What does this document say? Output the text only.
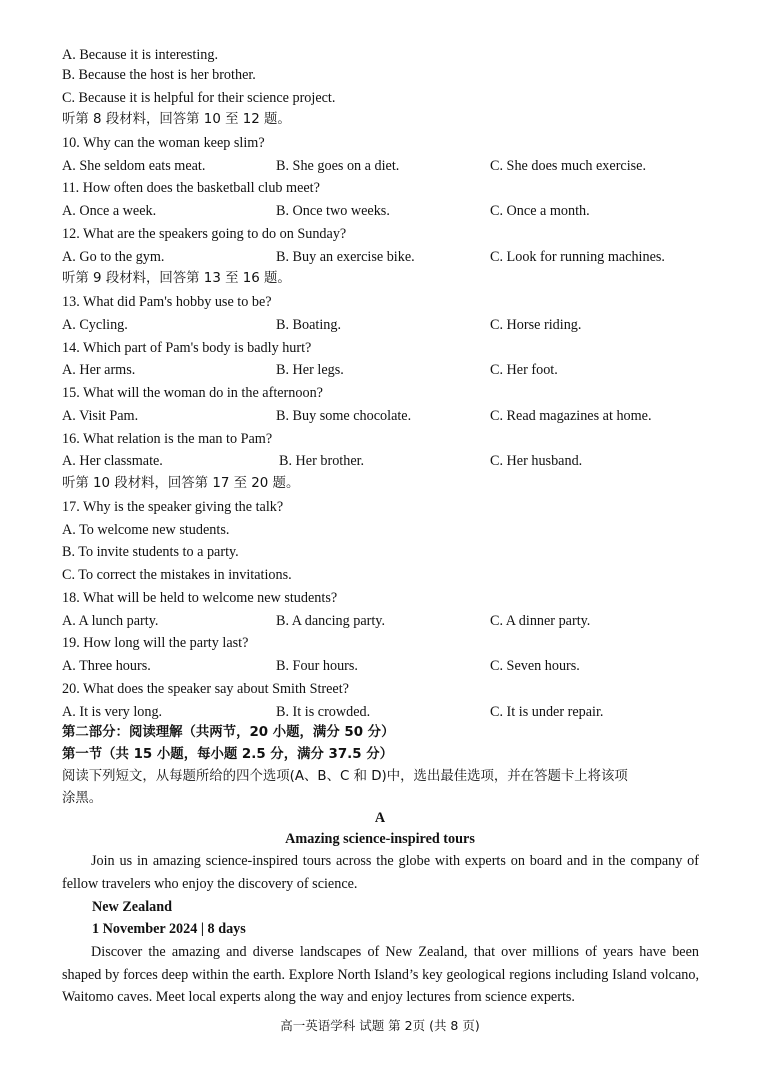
A. Because it is interesting.
B. Because the host is her brother.
C. Because it is helpful for their science project.
听第 8 段材料，回答第 10 至 12 题。
10. Why can the woman keep slim?
A. She seldom eats meat.	B. She goes on a diet.	C. She does much exercise.
11. How often does the basketball club meet?
A. Once a week.	B. Once two weeks.	C. Once a month.
12. What are the speakers going to do on Sunday?
A. Go to the gym.	B. Buy an exercise bike.	C. Look for running machines.
听第 9 段材料，回答第 13 至 16 题。
13. What did Pam's hobby use to be?
A. Cycling.	B. Boating.	C. Horse riding.
14. Which part of Pam's body is badly hurt?
A. Her arms.	B. Her legs.	C. Her foot.
15. What will the woman do in the afternoon?
A. Visit Pam.	B. Buy some chocolate.	C. Read magazines at home.
16. What relation is the man to Pam?
A. Her classmate.	B. Her brother.	C. Her husband.
听第 10 段材料，回答第 17 至 20 题。
17. Why is the speaker giving the talk?
A. To welcome new students.
B. To invite students to a party.
C. To correct the mistakes in invitations.
18. What will be held to welcome new students?
A. A lunch party.	B. A dancing party.	C. A dinner party.
19. How long will the party last?
A. Three hours.	B. Four hours.	C. Seven hours.
20. What does the speaker say about Smith Street?
A. It is very long.	B. It is crowded.	C. It is under repair.
第二部分：阅读理解（共两节，20 小题，满分 50 分）
第一节（共 15 小题，每小题 2.5 分，满分 37.5 分）
阅读下列短文，从每题所给的四个选项(A、B、C 和 D)中，选出最佳选项，并在答题卡上将该项
涂黑。
A
Amazing science-inspired tours
Join us in amazing science-inspired tours across the globe with experts on board and in the company of fellow travelers who enjoy the discovery of science.
New Zealand
1 November 2024 | 8 days
Discover the amazing and diverse landscapes of New Zealand, that over millions of years have been shaped by forces deep within the earth. Explore North Island’s key geological regions including Island volcano, Waitomo caves. Meet local experts along the way and enjoy lectures from science experts.
高一英语学科 试题 第 2页 (共 8 页)
